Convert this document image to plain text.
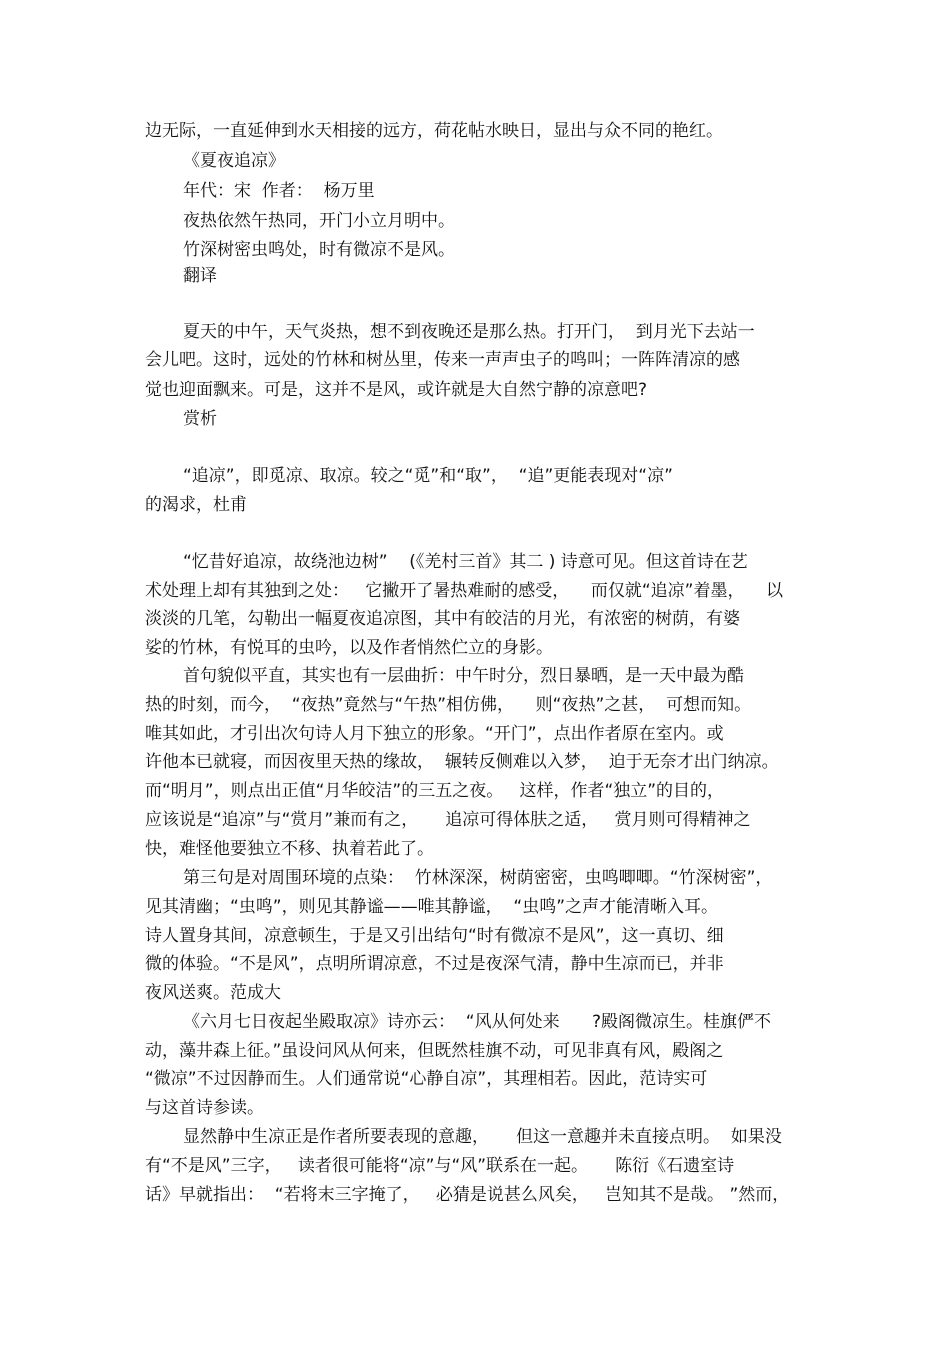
边无际，一直延伸到水天相接的远方，荷花帖水映日，显出与众不同的艳红。

《夏夜追凉》

年代：宋  作者：  杨万里

夜热依然午热同，开门小立月明中。

竹深树密虫鸣处，时有微凉不是风。

翻译

夏天的中午，天气炎热，想不到夜晚还是那么热。打开门，  到月光下去站一

会儿吧。这时，远处的竹林和树丛里，传来一声声虫子的鸣叫；一阵阵清凉的感

觉也迎面飘来。可是，这并不是风，或许就是大自然宁静的凉意吧?

赏析

“追凉”，即觅凉、取凉。较之“觅”和“取”，  “追”更能表现对“凉”

的渴求，杜甫

“忆昔好追凉，故绕池边树”    (《羌村三首》其二 ) 诗意可见。但这首诗在艺

术处理上却有其独到之处：   它撇开了暑热难耐的感受，    而仅就“追凉”着墨，    以

淡淡的几笔，勾勒出一幅夏夜追凉图，其中有皎洁的月光，有浓密的树荫，有婆

娑的竹林，有悦耳的虫吟，以及作者悄然伫立的身影。

首句貌似平直，其实也有一层曲折：中午时分，烈日暴晒，是一天中最为酷

热的时刻，而今，  “夜热”竟然与“午热”相仿佛，    则“夜热”之甚，  可想而知。

唯其如此，才引出次句诗人月下独立的形象。“开门”，点出作者原在室内。或

许他本已就寝，而因夜里天热的缘故，  辗转反侧难以入梦，  迫于无奈才出门纳凉。

而“明月”，则点出正值“月华皎洁”的三五之夜。   这样，作者“独立”的目的，

应该说是“追凉”与“赏月”兼而有之，     追凉可得体肤之适，   赏月则可得精神之

快，难怪他要独立不移、执着若此了。

第三句是对周围环境的点染：  竹林深深，树荫密密，虫鸣唧唧。“竹深树密”，

见其清幽；“虫鸣”，则见其静谧——唯其静谧，  “虫鸣”之声才能清晰入耳。

诗人置身其间，凉意顿生，于是又引出结句“时有微凉不是风”，这一真切、细

微的体验。“不是风”，点明所谓凉意，不过是夜深气清，静中生凉而已，并非

夜风送爽。范成大

《六月七日夜起坐殿取凉》诗亦云：  “风从何处来      ?殿阁微凉生。桂旗俨不

动，藻井森上征。”虽设问风从何来，但既然桂旗不动，可见非真有风，殿阁之

“微凉”不过因静而生。人们通常说“心静自凉”，其理相若。因此，范诗实可

与这首诗参读。

显然静中生凉正是作者所要表现的意趣，     但这一意趣并未直接点明。  如果没

有“不是风”三字，   读者很可能将“凉”与“风”联系在一起。     陈衍《石遗室诗

话》早就指出：  “若将末三字掩了，   必猜是说甚么风矣，   岂知其不是哉。 ”然而，
